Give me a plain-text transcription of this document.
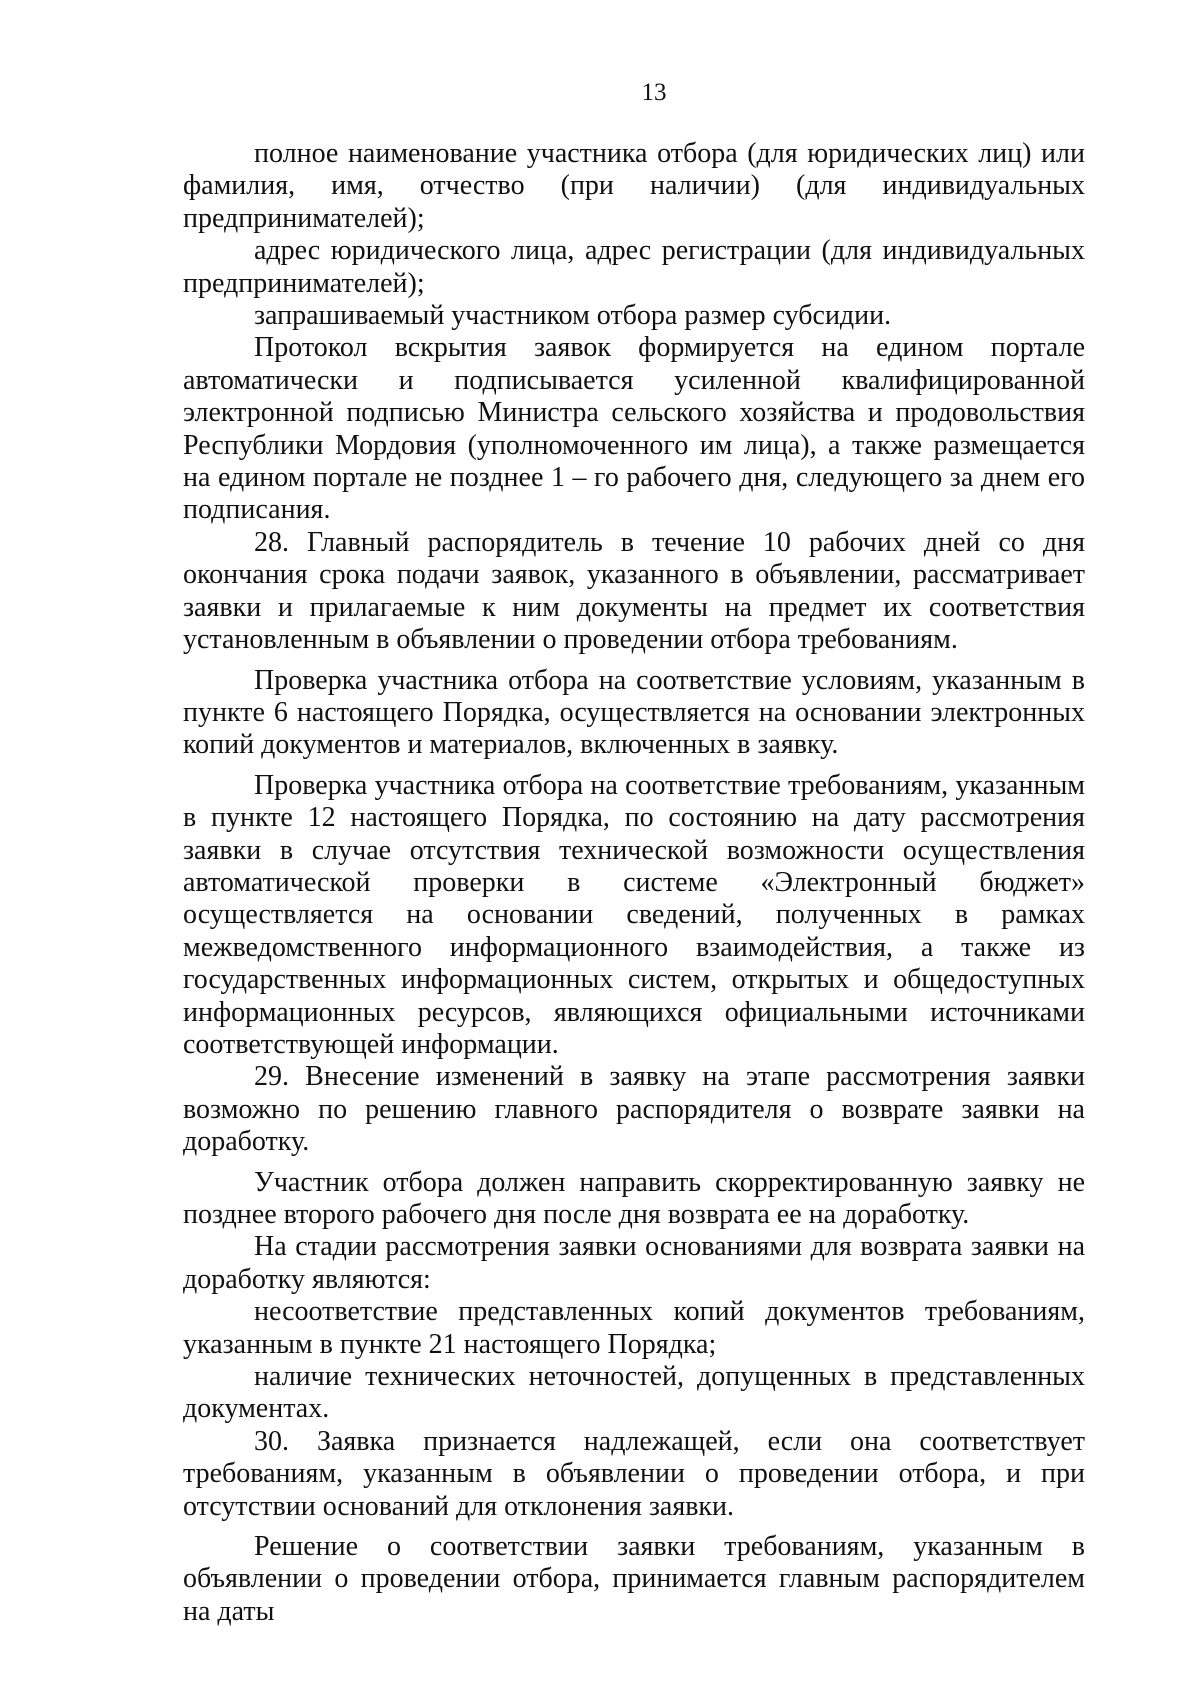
13

полное наименование участника отбора (для юридических лиц) или фамилия, имя, отчество (при наличии) (для индивидуальных предпринимателей);

адрес юридического лица, адрес регистрации (для индивидуальных предпринимателей);

запрашиваемый участником отбора размер субсидии.

Протокол вскрытия заявок формируется на едином портале автоматически и подписывается усиленной квалифицированной электронной подписью Министра сельского хозяйства и продовольствия Республики Мордовия (уполномоченного им лица), а также размещается на едином портале не позднее 1 – го рабочего дня, следующего за днем его подписания.

28. Главный распорядитель в течение 10 рабочих дней со дня окончания срока подачи заявок, указанного в объявлении, рассматривает заявки и прилагаемые к ним документы на предмет их соответствия установленным в объявлении о проведении отбора требованиям.

Проверка участника отбора на соответствие условиям, указанным в пункте 6 настоящего Порядка, осуществляется на основании электронных копий документов и материалов, включенных в заявку.

Проверка участника отбора на соответствие требованиям, указанным в пункте 12 настоящего Порядка, по состоянию на дату рассмотрения заявки в случае отсутствия технической возможности осуществления автоматической проверки в системе «Электронный бюджет» осуществляется на основании сведений, полученных в рамках межведомственного информационного взаимодействия, а также из государственных информационных систем, открытых и общедоступных информационных ресурсов, являющихся официальными источниками соответствующей информации.

29. Внесение изменений в заявку на этапе рассмотрения заявки возможно по решению главного распорядителя о возврате заявки на доработку.

Участник отбора должен направить скорректированную заявку не позднее второго рабочего дня после дня возврата ее на доработку.

На стадии рассмотрения заявки основаниями для возврата заявки на доработку являются:

несоответствие представленных копий документов требованиям, указанным в пункте 21 настоящего Порядка;

наличие технических неточностей, допущенных в представленных документах.

30. Заявка признается надлежащей, если она соответствует требованиям, указанным в объявлении о проведении отбора, и при отсутствии оснований для отклонения заявки.

Решение о соответствии заявки требованиям, указанным в объявлении о проведении отбора, принимается главным распорядителем на даты
